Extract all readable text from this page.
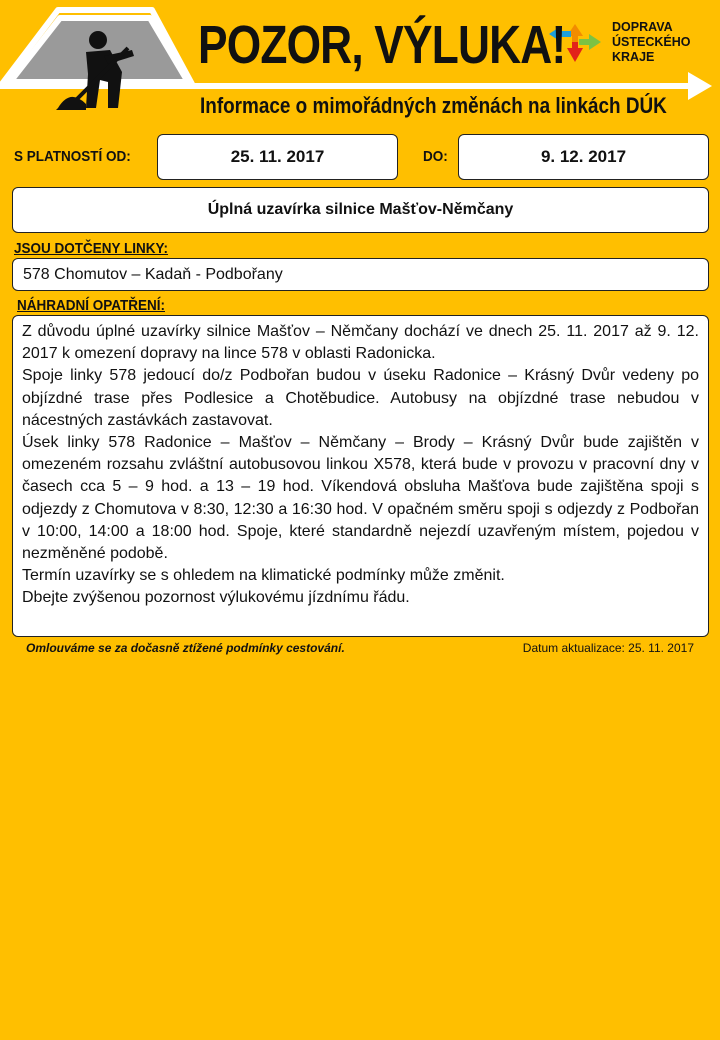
POZOR, VÝLUKA!
Informace o mimořádných změnách na linkách DÚK
DOPRAVA
ÚSTECKÉHO
KRAJE
S PLATNOSTÍ OD:	25. 11. 2017	DO:	9. 12. 2017
Úplná uzavírka silnice Mašťov-Němčany
JSOU DOTČENY LINKY:
578 Chomutov – Kadaň - Podbořany
NÁHRADNÍ OPATŘENÍ:

Z důvodu úplné uzavírky silnice Mašťov – Němčany dochází ve dnech 25. 11. 2017 až 9. 12. 2017 k omezení dopravy na lince 578 v oblasti Radonicka.

Spoje linky 578 jedoucí do/z Podbořan budou v úseku Radonice – Krásný Dvůr vedeny po objízdné trase přes Podlesice a Chotěbudice. Autobusy na objízdné trase nebudou v nácestných zastávkách zastavovat.

Úsek linky 578 Radonice – Mašťov – Němčany – Brody – Krásný Dvůr bude zajištěn v omezeném rozsahu zvláštní autobusovou linkou X578, která bude v provozu v pracovní dny v časech cca 5 – 9 hod. a 13 – 19 hod. Víkendová obsluha Mašťova bude zajištěna spoji s odjezdy z Chomutova v 8:30, 12:30 a 16:30 hod. V opačném směru spoji s odjezdy z Podbořan v 10:00, 14:00 a 18:00 hod. Spoje, které standardně nejezdí uzavřeným místem, pojedou v nezměněné podobě.

Termín uzavírky se s ohledem na klimatické podmínky může změnit.

Dbejte zvýšenou pozornost výlukovému jízdnímu řádu.

Omlouváme se za dočasně ztížené podmínky cestování.	Datum aktualizace: 25. 11. 2017
